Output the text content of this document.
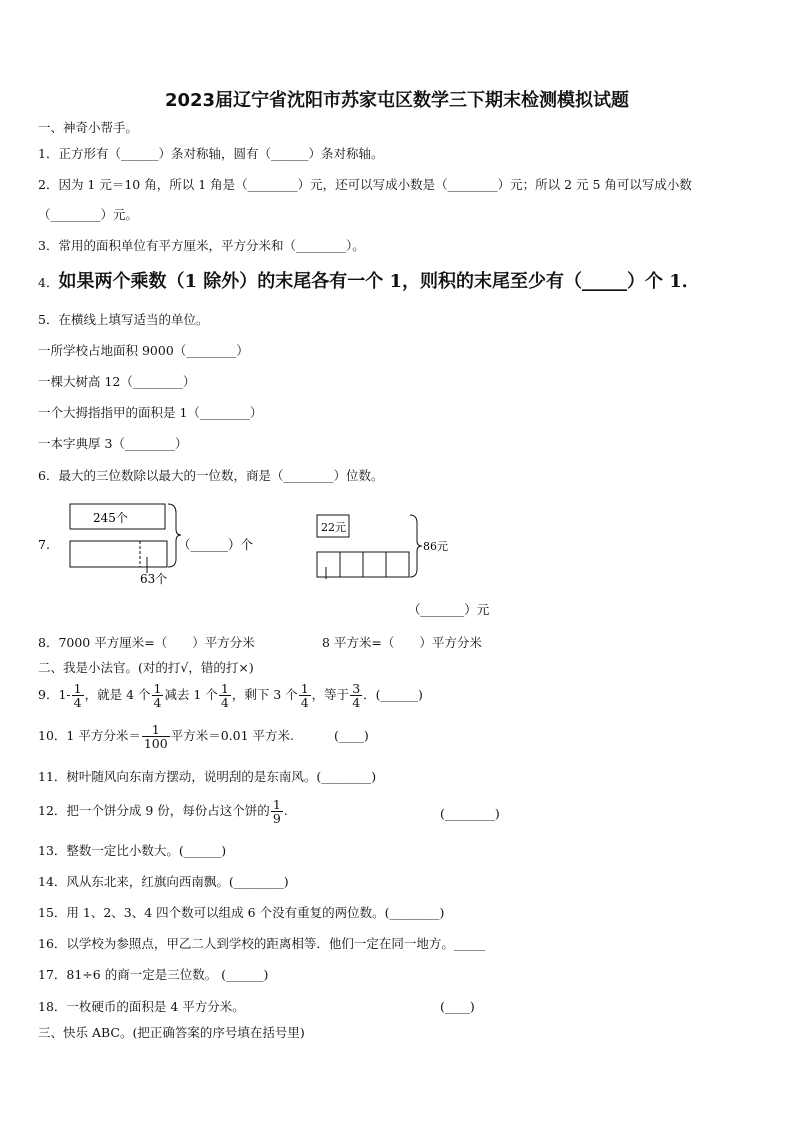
2023届辽宁省沈阳市苏家屯区数学三下期末检测模拟试题
一、神奇小帮手。
1．正方形有（______）条对称轴，圆有（______）条对称轴。
2．因为 1 元＝10 角，所以 1 角是（________）元，还可以写成小数是（________）元；所以 2 元 5 角可以写成小数
（________）元。
3．常用的面积单位有平方厘米，平方分米和（________）。
4．如果两个乘数（1 除外）的末尾各有一个 1，则积的末尾至少有（_____）个 1．
5．在横线上填写适当的单位。
一所学校占地面积 9000（________）
一棵大树高 12（________）
一个大拇指指甲的面积是 1（________）
一本字典厚 3（________）
6．最大的三位数除以最大的一位数，商是（________）位数。
7.
245个
63个
（______）个
22元
86元
（_______）元
8．7000 平方厘米=（　　）平方分米	8 平方米=（　　）平方分米
二、我是小法官。(对的打√，错的打×)
9．$1- \frac{1}{4}$ ，就是 4 个 $\frac{1}{4}$ 减去 1 个 $\frac{1}{4}$ ，剩下 3 个 $\frac{1}{4}$ ，等于 $\frac{3}{4}$ ．(______)
10．1 平方分米＝ $\frac{1}{100}$ 平方米＝0.01 平方米.	(____)
11．树叶随风向东南方摆动，说明刮的是东南风。(________)
12．把一个饼分成 9 份，每份占这个饼的 $\frac{1}{9}$ .	(________)
13．整数一定比小数大。(______)
14．风从东北来，红旗向西南飘。(________)
15．用 1、2、3、4 四个数可以组成 6 个没有重复的两位数。(________)
16．以学校为参照点，甲乙二人到学校的距离相等．他们一定在同一地方。_____
17．81÷6 的商一定是三位数。 (______)
18．一枚硬币的面积是 4 平方分米。	(____)
三、快乐 ABC。(把正确答案的序号填在括号里)
